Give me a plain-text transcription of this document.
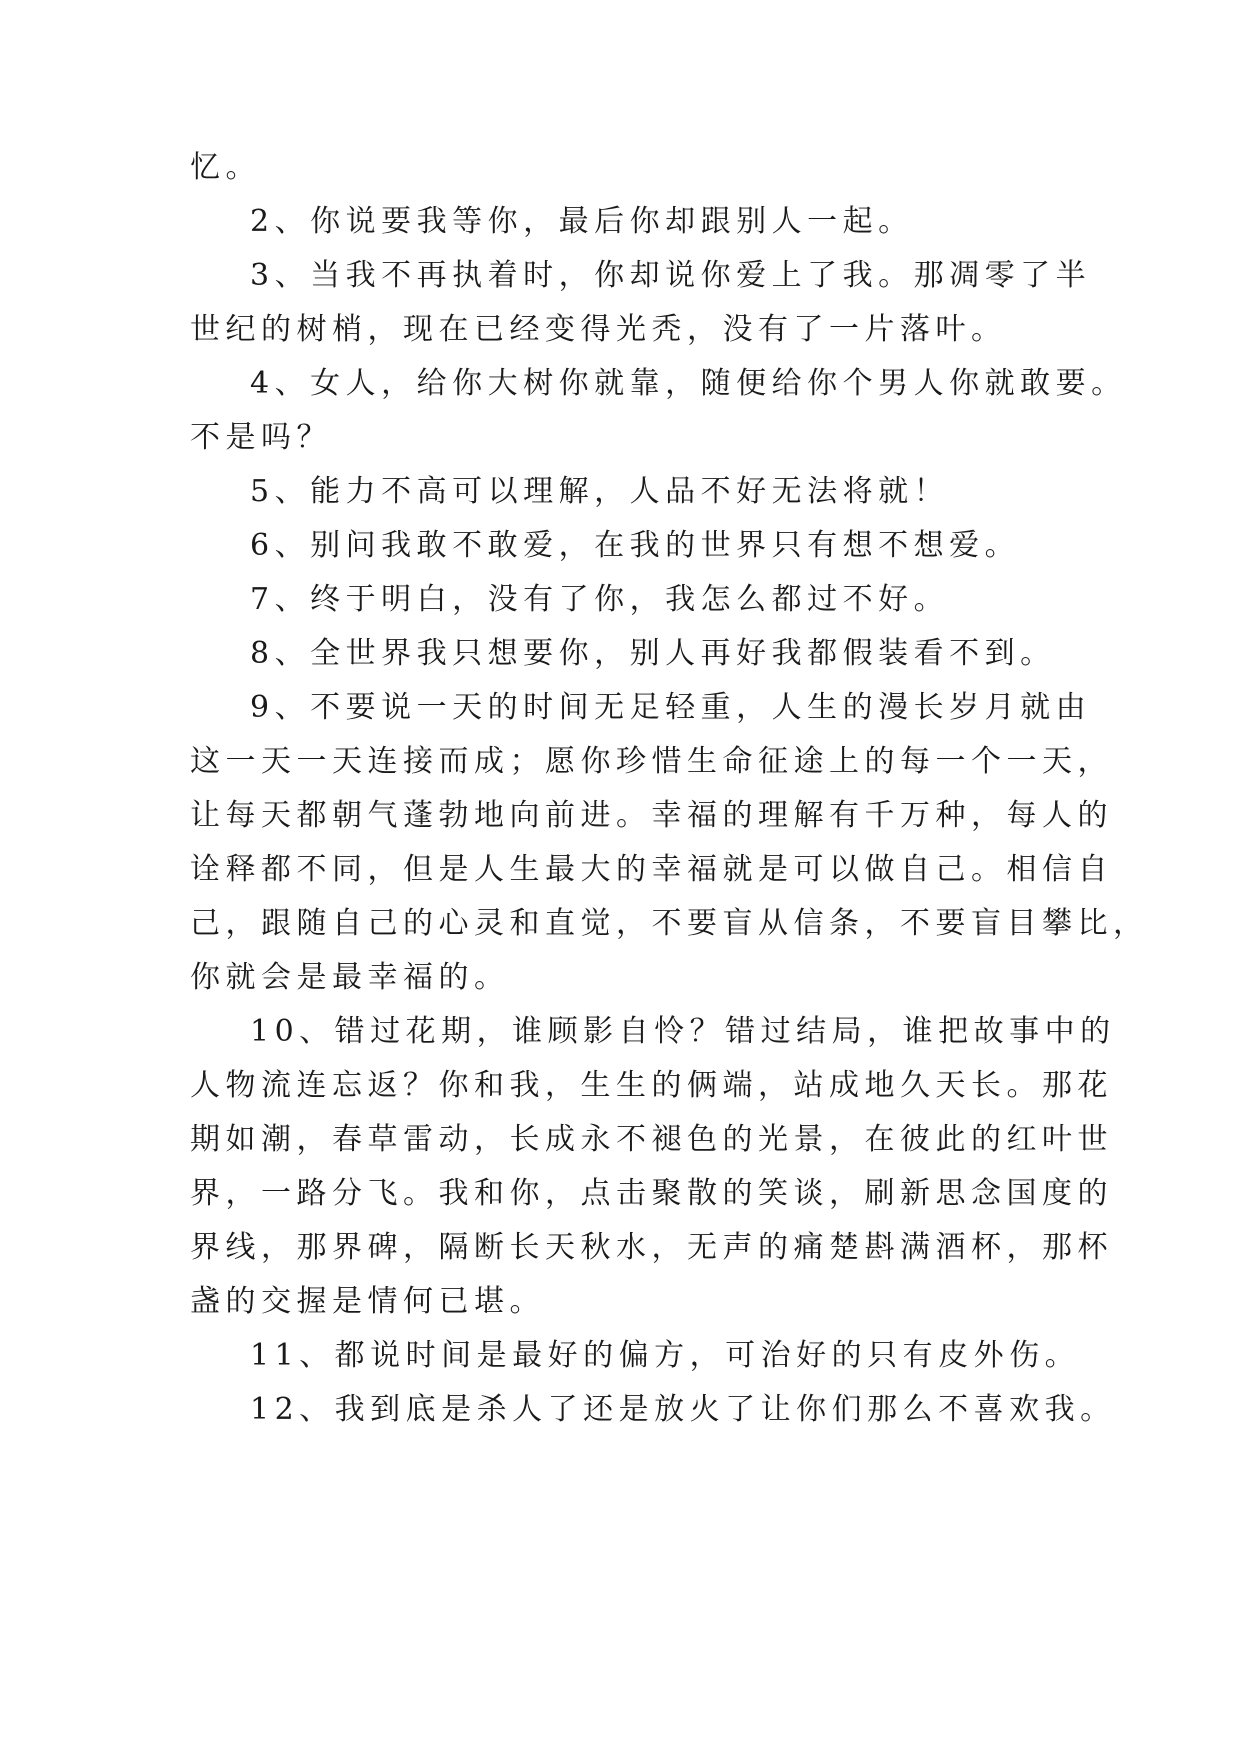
忆。
2、你说要我等你，最后你却跟别人一起。
3、当我不再执着时，你却说你爱上了我。那凋零了半
世纪的树梢，现在已经变得光秃，没有了一片落叶。
4、女人，给你大树你就靠，随便给你个男人你就敢要。
不是吗？
5、能力不高可以理解，人品不好无法将就！
6、别问我敢不敢爱，在我的世界只有想不想爱。
7、终于明白，没有了你，我怎么都过不好。
8、全世界我只想要你，别人再好我都假装看不到。
9、不要说一天的时间无足轻重，人生的漫长岁月就由
这一天一天连接而成；愿你珍惜生命征途上的每一个一天，
让每天都朝气蓬勃地向前进。幸福的理解有千万种，每人的
诠释都不同，但是人生最大的幸福就是可以做自己。相信自
己，跟随自己的心灵和直觉，不要盲从信条，不要盲目攀比，
你就会是最幸福的。
10、错过花期，谁顾影自怜？错过结局，谁把故事中的
人物流连忘返？你和我，生生的俩端，站成地久天长。那花
期如潮，春草雷动，长成永不褪色的光景，在彼此的红叶世
界，一路分飞。我和你，点击聚散的笑谈，刷新思念国度的
界线，那界碑，隔断长天秋水，无声的痛楚斟满酒杯，那杯
盏的交握是情何已堪。
11、都说时间是最好的偏方，可治好的只有皮外伤。
12、我到底是杀人了还是放火了让你们那么不喜欢我。
